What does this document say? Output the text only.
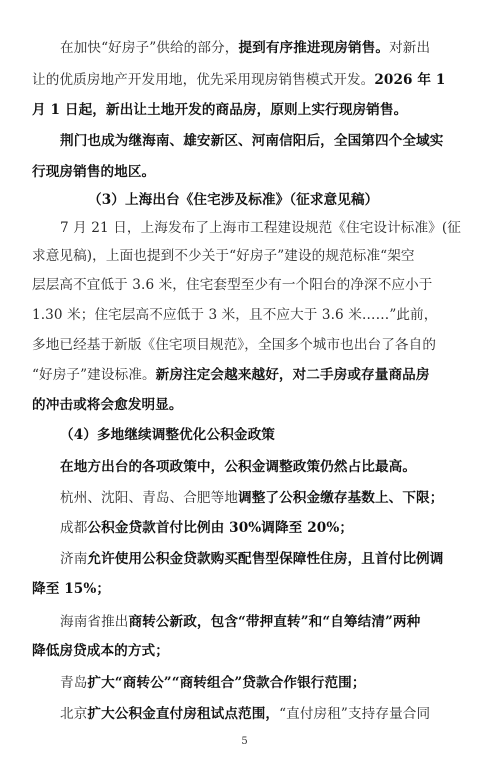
在加快“好房子”供给的部分，提到有序推进现房销售。对新出
让的优质房地产开发用地，优先采用现房销售模式开发。2026 年 1
月 1 日起，新出让土地开发的商品房，原则上实行现房销售。
荆门也成为继海南、雄安新区、河南信阳后，全国第四个全域实
行现房销售的地区。
（3）上海出台《住宅涉及标准》（征求意见稿）
7 月 21 日，上海发布了上海市工程建设规范《住宅设计标准》(征
求意见稿)，上面也提到不少关于“好房子”建设的规范标准“架空
层层高不宜低于 3.6 米，住宅套型至少有一个阳台的净深不应小于
1.30 米；住宅层高不应低于 3 米，且不应大于 3.6 米……”此前，
多地已经基于新版《住宅项目规范》，全国多个城市也出台了各自的
“好房子”建设标准。新房注定会越来越好，对二手房或存量商品房
的冲击或将会愈发明显。
（4）多地继续调整优化公积金政策
在地方出台的各项政策中，公积金调整政策仍然占比最高。
杭州、沈阳、青岛、合肥等地调整了公积金缴存基数上、下限；
成都公积金贷款首付比例由 30%调降至 20%；
济南允许使用公积金贷款购买配售型保障性住房，且首付比例调
降至 15%；
海南省推出商转公新政，包含“带押直转”和“自筹结清”两种
降低房贷成本的方式；
青岛扩大“商转公”“商转组合”贷款合作银行范围；
北京扩大公积金直付房租试点范围，“直付房租”支持存量合同
5
